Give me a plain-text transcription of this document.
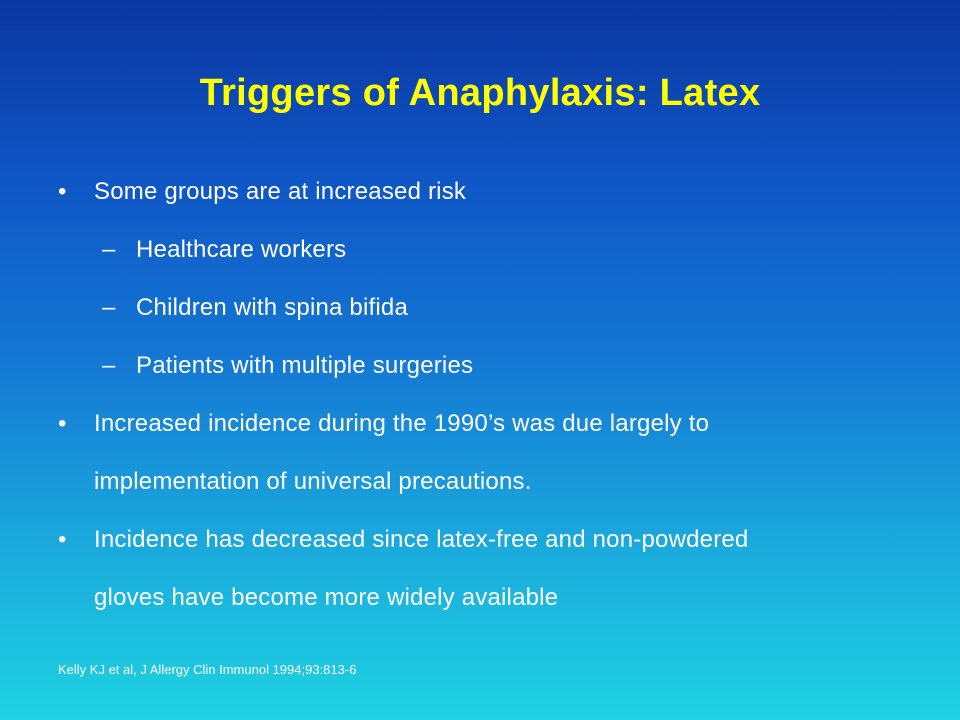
Triggers of Anaphylaxis: Latex
• Some groups are at increased risk
– Healthcare workers
– Children with spina bifida
– Patients with multiple surgeries
• Increased incidence during the 1990’s was due largely to
implementation of universal precautions.
• Incidence has decreased since latex-free and non-powdered
gloves have become more widely available
Kelly KJ et al, J Allergy Clin Immunol 1994;93:813-6
